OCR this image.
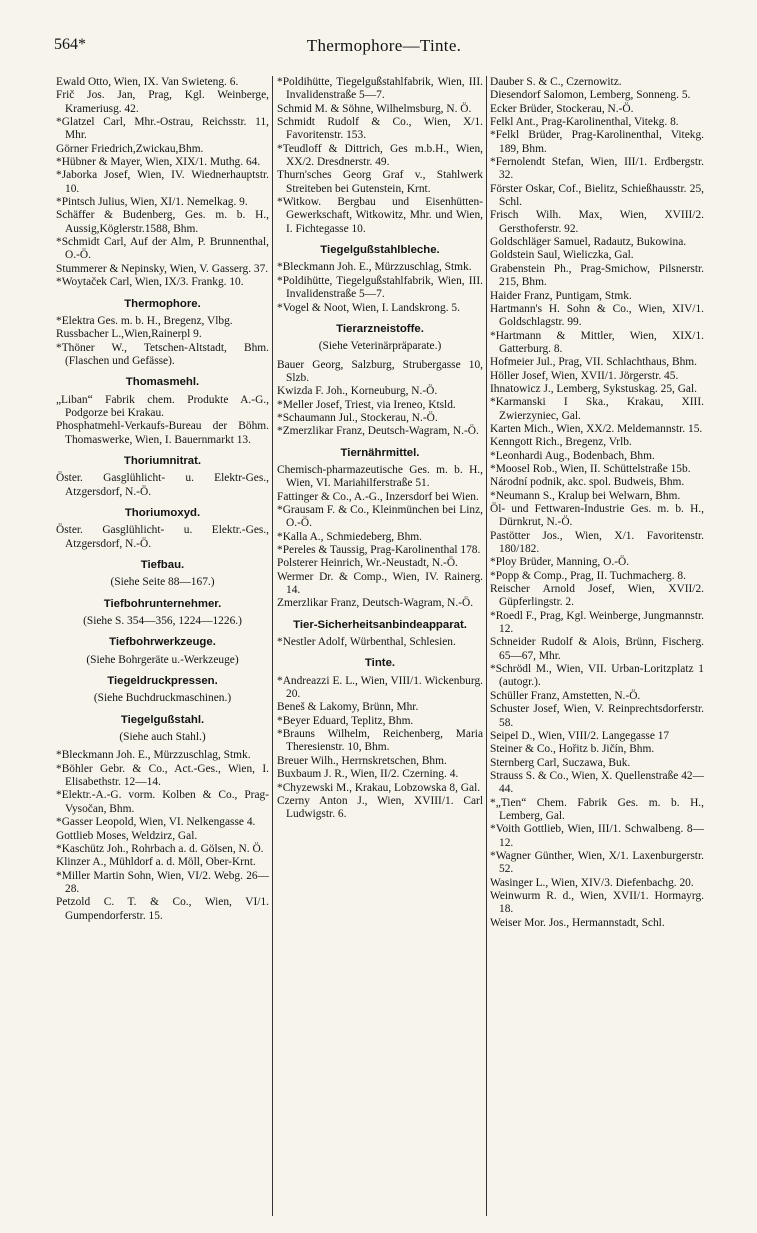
564*	Thermophore—Tinte.
Ewald Otto, Wien, IX. Van Swieteng. 6.
Frič Jos. Jan, Prag, Kgl. Weinberge, Krameriusg. 42.
*Glatzel Carl, Mhr.-Ostrau, Reichsstr. 11, Mhr.
Görner Friedrich,Zwickau,Bhm.
*Hübner & Mayer, Wien, XIX/1. Muthg. 64.
*Jaborka Josef, Wien, IV. Wiednerhauptstr. 10.
*Pintsch Julius, Wien, XI/1. Nemelkag. 9.
Schäffer & Budenberg, Ges. m. b. H., Aussig,Köglerstr.1588, Bhm.
*Schmidt Carl, Auf der Alm, P. Brunnenthal, O.-Ö.
Stummerer & Nepinsky, Wien, V. Gasserg. 37.
*Woytaček Carl, Wien, IX/3. Frankg. 10.
Thermophore.
*Elektra Ges. m. b. H., Bregenz, Vlbg.
Russbacher L.,Wien,Rainerpl 9.
*Thöner W., Tetschen-Altstadt, Bhm. (Flaschen und Gefässe).
Thomasmehl.
„Liban“ Fabrik chem. Produkte A.-G., Podgorze bei Krakau.
Phosphatmehl-Verkaufs-Bureau der Böhm. Thomaswerke, Wien, I. Bauernmarkt 13.
Thoriumnitrat.
Öster. Gasglühlicht- u. Elektr-Ges., Atzgersdorf, N.-Ö.
Thoriumoxyd.
Öster. Gasglühlicht- u. Elektr.-Ges., Atzgersdorf, N.-Ö.
Tiefbau.
(Siehe Seite 88—167.)
Tiefbohrunternehmer.
(Siehe S. 354—356, 1224—1226.)
Tiefbohrwerkzeuge.
(Siehe Bohrgeräte u.-Werkzeuge)
Tiegeldruckpressen.
(Siehe Buchdruckmaschinen.)
Tiegelgußstahl.
(Siehe auch Stahl.)
*Bleckmann Joh. E., Mürzzuschlag, Stmk.
*Böhler Gebr. & Co., Act.-Ges., Wien, I. Elisabethstr. 12—14.
*Elektr.-A.-G. vorm. Kolben & Co., Prag-Vysočan, Bhm.
*Gasser Leopold, Wien, VI. Nelkengasse 4.
Gottlieb Moses, Weldzirz, Gal.
*Kaschütz Joh., Rohrbach a. d. Gölsen, N. Ö.
Klinzer A., Mühldorf a. d. Möll, Ober-Krnt.
*Miller Martin Sohn, Wien, VI/2. Webg. 26—28.
Petzold C. T. & Co., Wien, VI/1. Gumpendorferstr. 15.
*Poldihütte, Tiegelgußstahlfabrik, Wien, III. Invalidenstraße 5—7.
Schmid M. & Söhne, Wilhelmsburg, N. Ö.
Schmidt Rudolf & Co., Wien, X/1. Favoritenstr. 153.
*Teudloff & Dittrich, Ges m.b.H., Wien, XX/2. Dresdnerstr. 49.
Thurn'sches Georg Graf v., Stahlwerk Streiteben bei Gutenstein, Krnt.
*Witkow. Bergbau und Eisenhütten-Gewerkschaft, Witkowitz, Mhr. und Wien, I. Fichtegasse 10.
Tiegelgußstahlbleche.
*Bleckmann Joh. E., Mürzzuschlag, Stmk.
*Poldihütte, Tiegelgußstahlfabrik, Wien, III. Invalidenstraße 5—7.
*Vogel & Noot, Wien, I. Landskrong. 5.
Tierarzneistoffe.
(Siehe Veterinärpräparate.)
Bauer Georg, Salzburg, Strubergasse 10, Slzb.
Kwizda F. Joh., Korneuburg, N.-Ö.
*Meller Josef, Triest, via Ireneo, Ktsld.
*Schaumann Jul., Stockerau, N.-Ö.
*Zmerzlikar Franz, Deutsch-Wagram, N.-Ö.
Tiernährmittel.
Chemisch-pharmazeutische Ges. m. b. H., Wien, VI. Mariahilferstraße 51.
Fattinger & Co., A.-G., Inzersdorf bei Wien.
*Grausam F. & Co., Kleinmünchen bei Linz, O.-Ö.
*Kalla A., Schmiedeberg, Bhm.
*Pereles & Taussig, Prag-Karolinenthal 178.
Polsterer Heinrich, Wr.-Neustadt, N.-Ö.
Wermer Dr. & Comp., Wien, IV. Rainerg. 14.
Zmerzlikar Franz, Deutsch-Wagram, N.-Ö.
Tier-Sicherheitsanbindeapparat.
*Nestler Adolf, Würbenthal, Schlesien.
Tinte.
*Andreazzi E. L., Wien, VIII/1. Wickenburg. 20.
Beneš & Lakomy, Brünn, Mhr.
*Beyer Eduard, Teplitz, Bhm.
*Brauns Wilhelm, Reichenberg, Maria Theresienstr. 10, Bhm.
Breuer Wilh., Herrnskretschen, Bhm.
Buxbaum J. R., Wien, II/2. Czerning. 4.
*Chyzewski M., Krakau, Lobzowska 8, Gal.
Czerny Anton J., Wien, XVIII/1. Carl Ludwigstr. 6.
Dauber S. & C., Czernowitz.
Diesendorf Salomon, Lemberg, Sonneng. 5.
Ecker Brüder, Stockerau, N.-Ö.
Felkl Ant., Prag-Karolinenthal, Vitekg. 8.
*Felkl Brüder, Prag-Karolinenthal, Vitekg. 189, Bhm.
*Fernolendt Stefan, Wien, III/1. Erdbergstr. 32.
Förster Oskar, Cof., Bielitz, Schießhausstr. 25, Schl.
Frisch Wilh. Max, Wien, XVIII/2. Gersthoferstr. 92.
Goldschläger Samuel, Radautz, Bukowina.
Goldstein Saul, Wieliczka, Gal.
Grabenstein Ph., Prag-Smichow, Pilsnerstr. 215, Bhm.
Haider Franz, Puntigam, Stmk.
Hartmann's H. Sohn & Co., Wien, XIV/1. Goldschlagstr. 99.
*Hartmann & Mittler, Wien, XIX/1. Gatterburg. 8.
Hofmeier Jul., Prag, VII. Schlachthaus, Bhm.
Höller Josef, Wien, XVII/1. Jörgerstr. 45.
Ihnatowicz J., Lemberg, Sykstuskag. 25, Gal.
*Karmanski I Ska., Krakau, XIII. Zwierzyniec, Gal.
Karten Mich., Wien, XX/2. Meldemannstr. 15.
Kenngott Rich., Bregenz, Vrlb.
*Leonhardi Aug., Bodenbach, Bhm.
*Moosel Rob., Wien, II. Schüttelstraße 15b.
Národní podnik, akc. spol. Budweis, Bhm.
*Neumann S., Kralup bei Welwarn, Bhm.
Öl- und Fettwaren-Industrie Ges. m. b. H., Dürnkrut, N.-Ö.
Pastötter Jos., Wien, X/1. Favoritenstr. 180/182.
*Ploy Brüder, Manning, O.-Ö.
*Popp & Comp., Prag, II. Tuchmacherg. 8.
Reischer Arnold Josef, Wien, XVII/2. Güpferlingstr. 2.
*Roedl F., Prag, Kgl. Weinberge, Jungmannstr. 12.
Schneider Rudolf & Alois, Brünn, Fischerg. 65—67, Mhr.
*Schrödl M., Wien, VII. Urban-Loritzplatz 1 (autogr.).
Schüller Franz, Amstetten, N.-Ö.
Schuster Josef, Wien, V. Reinprechtsdorferstr. 58.
Seipel D., Wien, VIII/2. Langegasse 17
Steiner & Co., Hořitz b. Jičín, Bhm.
Sternberg Carl, Suczawa, Buk.
Strauss S. & Co., Wien, X. Quellenstraße 42—44.
*„Tien“ Chem. Fabrik Ges. m. b. H., Lemberg, Gal.
*Voith Gottlieb, Wien, III/1. Schwalbeng. 8—12.
*Wagner Günther, Wien, X/1. Laxenburgerstr. 52.
Wasinger L., Wien, XIV/3. Diefenbachg. 20.
Weinwurm R. d., Wien, XVII/1. Hormayrg. 18.
Weiser Mor. Jos., Hermannstadt, Schl.
